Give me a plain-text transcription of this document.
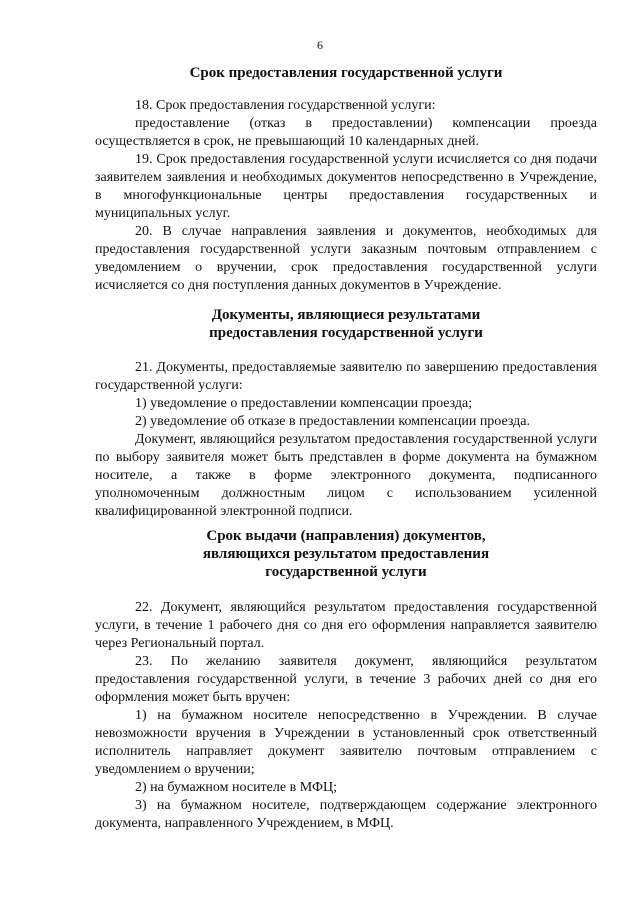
6
Срок предоставления государственной услуги

18. Срок предоставления государственной услуги:

предоставление (отказ в предоставлении) компенсации проезда осуществляется в срок, не превышающий 10 календарных дней.

19. Срок предоставления государственной услуги исчисляется со дня подачи заявителем заявления и необходимых документов непосредственно в Учреждение, в многофункциональные центры предоставления государственных и муниципальных услуг.

20. В случае направления заявления и документов, необходимых для предоставления государственной услуги заказным почтовым отправлением с уведомлением о вручении, срок предоставления государственной услуги исчисляется со дня поступления данных документов в Учреждение.

Документы, являющиеся результатами
предоставления государственной услуги

21. Документы, предоставляемые заявителю по завершению предоставления государственной услуги:

1) уведомление о предоставлении компенсации проезда;

2) уведомление об отказе в предоставлении компенсации проезда.

Документ, являющийся результатом предоставления государственной услуги по выбору заявителя может быть представлен в форме документа на бумажном носителе, а также в форме электронного документа, подписанного уполномоченным должностным лицом с использованием усиленной квалифицированной электронной подписи.

Срок выдачи (направления) документов,
являющихся результатом предоставления
государственной услуги

22. Документ, являющийся результатом предоставления государственной услуги, в течение 1 рабочего дня со дня его оформления направляется заявителю через Региональный портал.

23. По желанию заявителя документ, являющийся результатом предоставления государственной услуги, в течение 3 рабочих дней со дня его оформления может быть вручен:

1) на бумажном носителе непосредственно в Учреждении. В случае невозможности вручения в Учреждении в установленный срок ответственный исполнитель направляет документ заявителю почтовым отправлением с уведомлением о вручении;

2) на бумажном носителе в МФЦ;

3) на бумажном носителе, подтверждающем содержание электронного документа, направленного Учреждением, в МФЦ.
